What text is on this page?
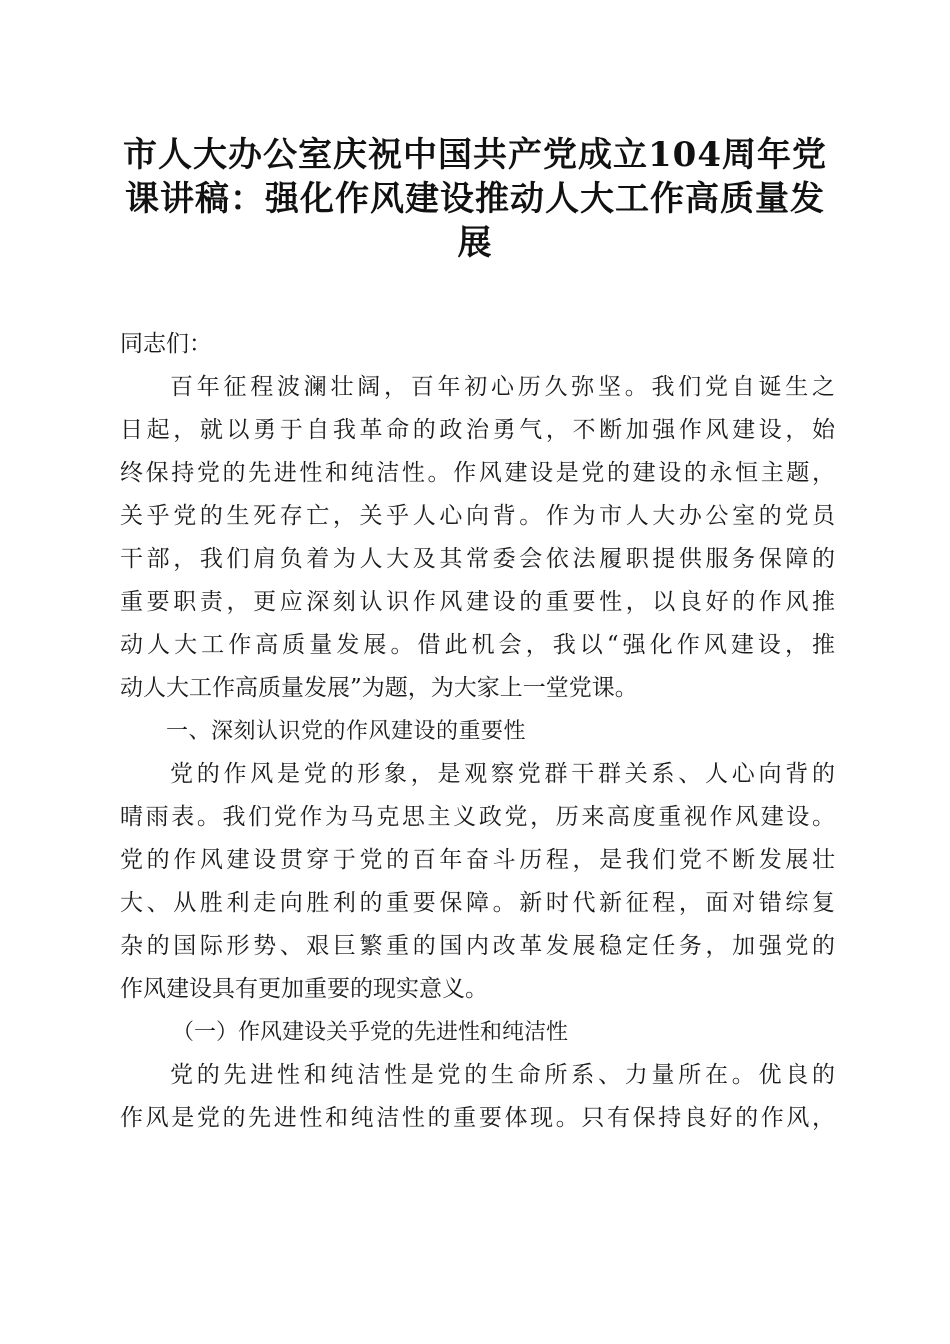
市人大办公室庆祝中国共产党成立104周年党
课讲稿：强化作风建设推动人大工作高质量发
展
同志们：
百年征程波澜壮阔，百年初心历久弥坚。我们党自诞生之
日起，就以勇于自我革命的政治勇气，不断加强作风建设，始
终保持党的先进性和纯洁性。作风建设是党的建设的永恒主题，
关乎党的生死存亡，关乎人心向背。作为市人大办公室的党员
干部，我们肩负着为人大及其常委会依法履职提供服务保障的
重要职责，更应深刻认识作风建设的重要性，以良好的作风推
动人大工作高质量发展。借此机会，我以“强化作风建设，推
动人大工作高质量发展”为题，为大家上一堂党课。
一、深刻认识党的作风建设的重要性
党的作风是党的形象，是观察党群干群关系、人心向背的
晴雨表。我们党作为马克思主义政党，历来高度重视作风建设。
党的作风建设贯穿于党的百年奋斗历程，是我们党不断发展壮
大、从胜利走向胜利的重要保障。新时代新征程，面对错综复
杂的国际形势、艰巨繁重的国内改革发展稳定任务，加强党的
作风建设具有更加重要的现实意义。
（一）作风建设关乎党的先进性和纯洁性
党的先进性和纯洁性是党的生命所系、力量所在。优良的
作风是党的先进性和纯洁性的重要体现。只有保持良好的作风，
